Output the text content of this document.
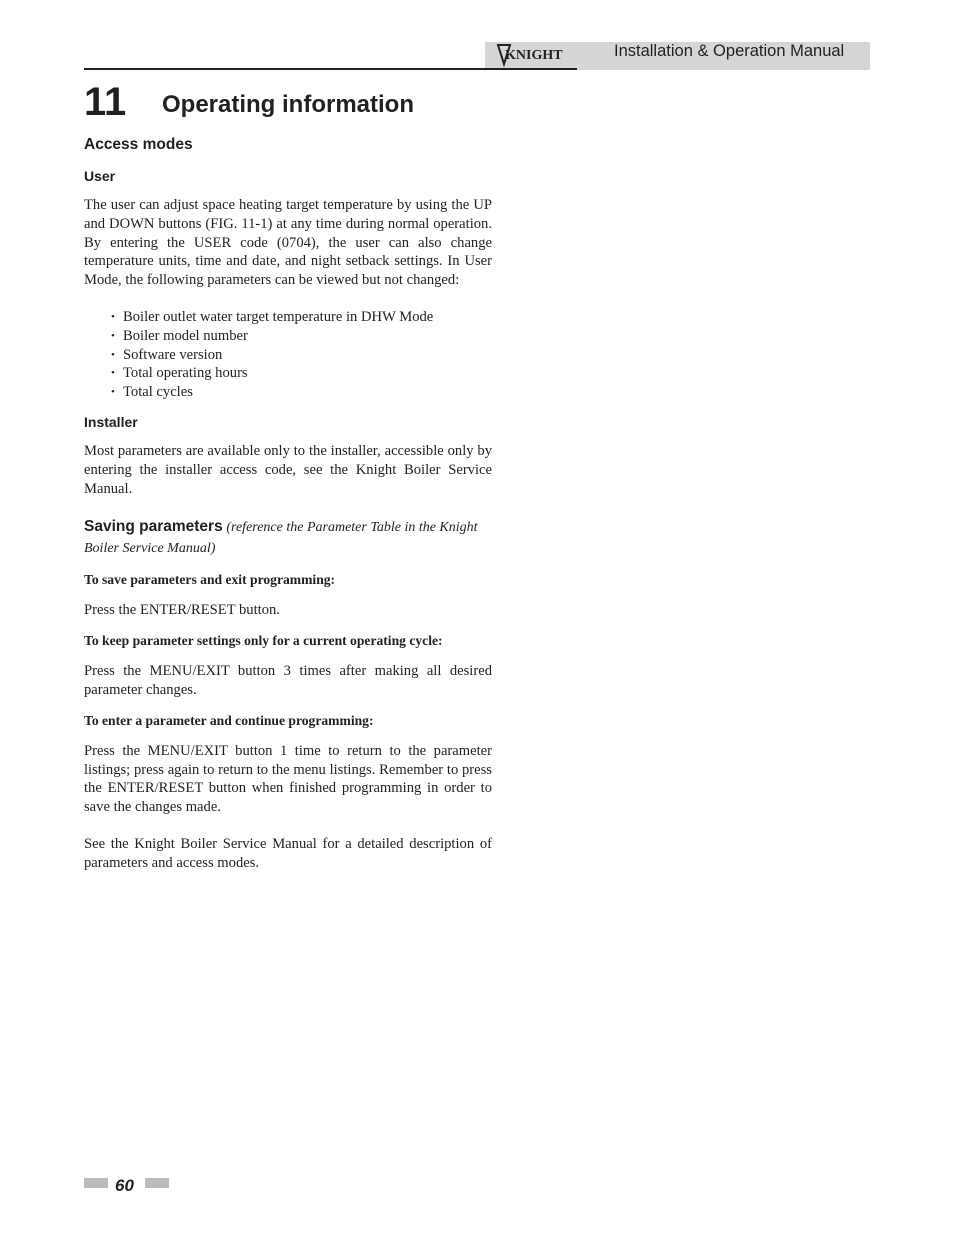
KNIGHT	Installation & Operation Manual
11 Operating information
Access modes
User

The user can adjust space heating target temperature by using the UP and DOWN buttons (FIG. 11-1) at any time during normal operation. By entering the USER code (0704), the user can also change temperature units, time and date, and night setback settings. In User Mode, the following parameters can be viewed but not changed:

• Boiler outlet water target temperature in DHW Mode
• Boiler model number
• Software version
• Total operating hours
• Total cycles
Installer

Most parameters are available only to the installer, accessible only by entering the installer access code, see the Knight Boiler Service Manual.

Saving parameters (reference the Parameter Table in the Knight Boiler Service Manual)

To save parameters and exit programming:

Press the ENTER/RESET button.

To keep parameter settings only for a current operating cycle:

Press the MENU/EXIT button 3 times after making all desired parameter changes.

To enter a parameter and continue programming:

Press the MENU/EXIT button 1 time to return to the parameter listings; press again to return to the menu listings. Remember to press the ENTER/RESET button when finished programming in order to save the changes made.

See the Knight Boiler Service Manual for a detailed description of parameters and access modes.

60
